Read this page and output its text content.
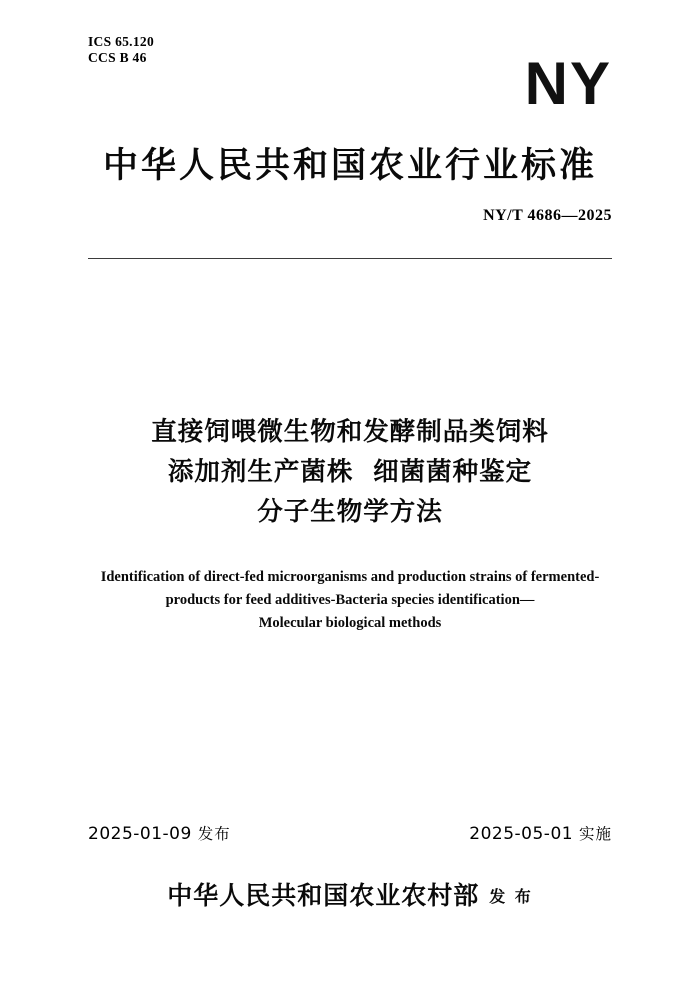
ICS 65.120
CCS B 46	NY
中华人民共和国农业行业标准
NY/T 4686—2025
直接饲喂微生物和发酵制品类饲料
添加剂生产菌株  细菌菌种鉴定
分子生物学方法
Identification of direct-fed microorganisms and production strains of fermented-
products for feed additives-Bacteria species identification—
Molecular biological methods
2025-01-09 发布	2025-05-01 实施
中华人民共和国农业农村部 发 布
